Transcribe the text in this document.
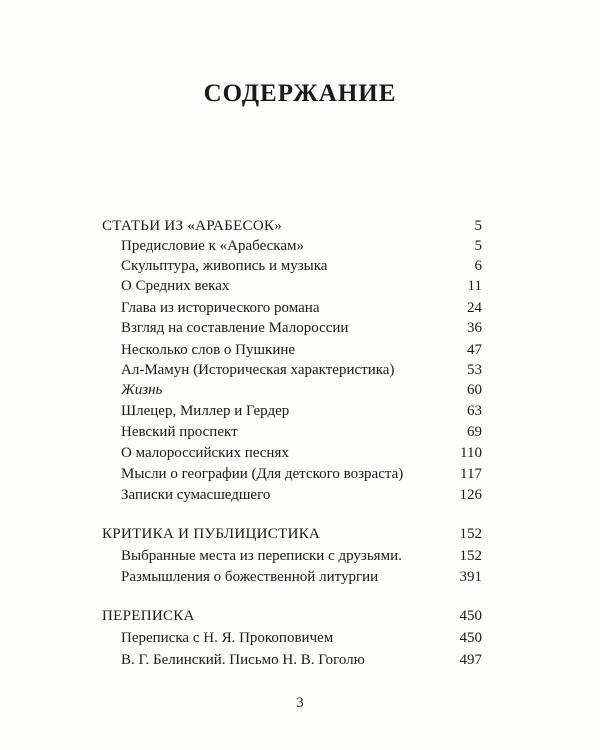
СОДЕРЖАНИЕ
СТАТЬИ ИЗ «АРАБЕСОК»	5
Предисловие к «Арабескам»	5
Скульптура, живопись и музыка	6
О Средних веках	11
Глава из исторического романа	24
Взгляд на составление Малороссии	36
Несколько слов о Пушкине	47
Ал-Мамун (Историческая характеристика)	53
Жизнь	60
Шлецер, Миллер и Гердер	63
Невский проспект	69
О малороссийских песнях	110
Мысли о географии (Для детского возраста)	117
Записки сумасшедшего	126
КРИТИКА И ПУБЛИЦИСТИКА	152
Выбранные места из переписки с друзьями.	152
Размышления о божественной литургии	391
ПЕРЕПИСКА	450
Переписка с Н. Я. Прокоповичем	450
В. Г. Белинский. Письмо Н. В. Гоголю	497
3
